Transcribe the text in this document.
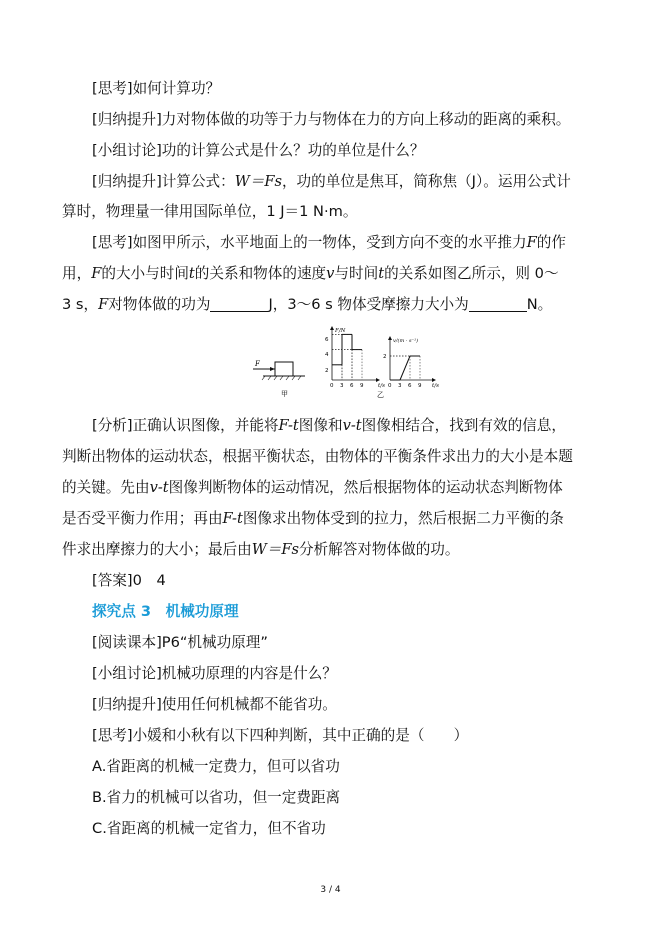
[思考]如何计算功？
[归纳提升]力对物体做的功等于力与物体在力的方向上移动的距离的乘积。
[小组讨论]功的计算公式是什么？功的单位是什么？
[归纳提升]计算公式：W＝Fs，功的单位是焦耳，简称焦（J）。运用公式计
算时，物理量一律用国际单位，1 J＝1 N·m。
[思考]如图甲所示，水平地面上的一物体，受到方向不变的水平推力F的作
用，F的大小与时间t的关系和物体的速度v与时间t的关系如图乙所示，则 0～
3 s，F对物体做的功为	J，3～6 s 物体受摩擦力大小为	N。
F
甲
F/N
t/s
2
4
6
0 3 6 9
v/(m · s⁻¹)
t/s
2
0 3 6 9
乙
[分析]正确认识图像，并能将F-t图像和v-t图像相结合，找到有效的信息，
判断出物体的运动状态，根据平衡状态，由物体的平衡条件求出力的大小是本题
的关键。先由v-t图像判断物体的运动情况，然后根据物体的运动状态判断物体
是否受平衡力作用；再由F-t图像求出物体受到的拉力，然后根据二力平衡的条
件求出摩擦力的大小；最后由W＝Fs分析解答对物体做的功。
[答案]0　4
探究点 3　机械功原理
[阅读课本]P6“机械功原理”
[小组讨论]机械功原理的内容是什么？
[归纳提升]使用任何机械都不能省功。
[思考]小媛和小秋有以下四种判断，其中正确的是（　　）
A.省距离的机械一定费力，但可以省功
B.省力的机械可以省功，但一定费距离
C.省距离的机械一定省力，但不省功
3 / 4
